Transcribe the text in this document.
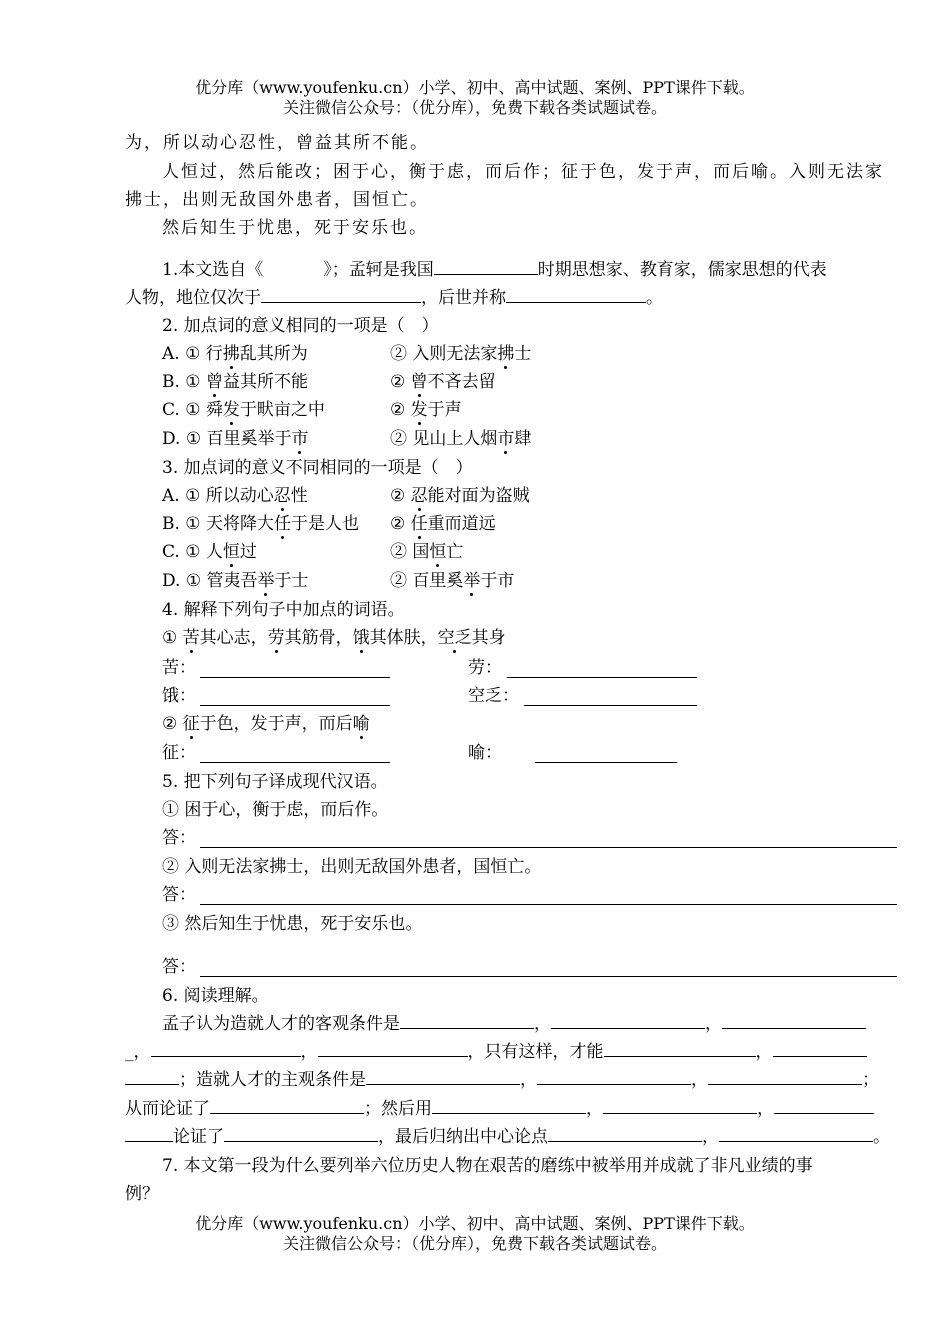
优分库（www.youfenku.cn）小学、初中、高中试题、案例、PPT课件下载。
关注微信公众号：（优分库），免费下载各类试题试卷。
为，所以动心忍性，曾益其所不能。
人恒过，然后能改；困于心，衡于虑，而后作；征于色，发于声，而后喻。入则无法家
拂士，出则无敌国外患者，国恒亡。
然后知生于忧患，死于安乐也。
1.本文选自《	》；孟轲是我国	时期思想家、教育家，儒家思想的代表
人物，地位仅次于	，后世并称	。
2. 加点词的意义相同的一项是（　）
A. ① 行拂乱其所为	② 入则无法家拂士
B. ① 曾益其所不能	② 曾不吝去留
C. ① 舜发于畎亩之中	② 发于声
D. ① 百里奚举于市	② 见山上人烟市肆
3. 加点词的意义不同相同的一项是（　）
A. ① 所以动心忍性	② 忍能对面为盗贼
B. ① 天将降大任于是人也 ② 任重而道远
C. ① 人恒过	② 国恒亡
D. ① 管夷吾举于士	② 百里奚举于市
4. 解释下列句子中加点的词语。
① 苦其心志，劳其筋骨，饿其体肤，空乏其身
苦：	劳：
饿：	空乏：
② 征于色，发于声，而后喻
征：	喻：
5. 把下列句子译成现代汉语。
① 困于心，衡于虑，而后作。
答：
② 入则无法家拂士，出则无敌国外患者，国恒亡。
答：
③ 然后知生于忧患，死于安乐也。
答：
6. 阅读理解。
孟子认为造就人才的客观条件是	，	，
_，	，	，只有这样，才能	，
；造就人才的主观条件是	，	，	；
从而论证了	；然后用	，	，
论证了	，最后归纳出中心论点	，	。
7. 本文第一段为什么要列举六位历史人物在艰苦的磨练中被举用并成就了非凡业绩的事
例？
优分库（www.youfenku.cn）小学、初中、高中试题、案例、PPT课件下载。
关注微信公众号：（优分库），免费下载各类试题试卷。
